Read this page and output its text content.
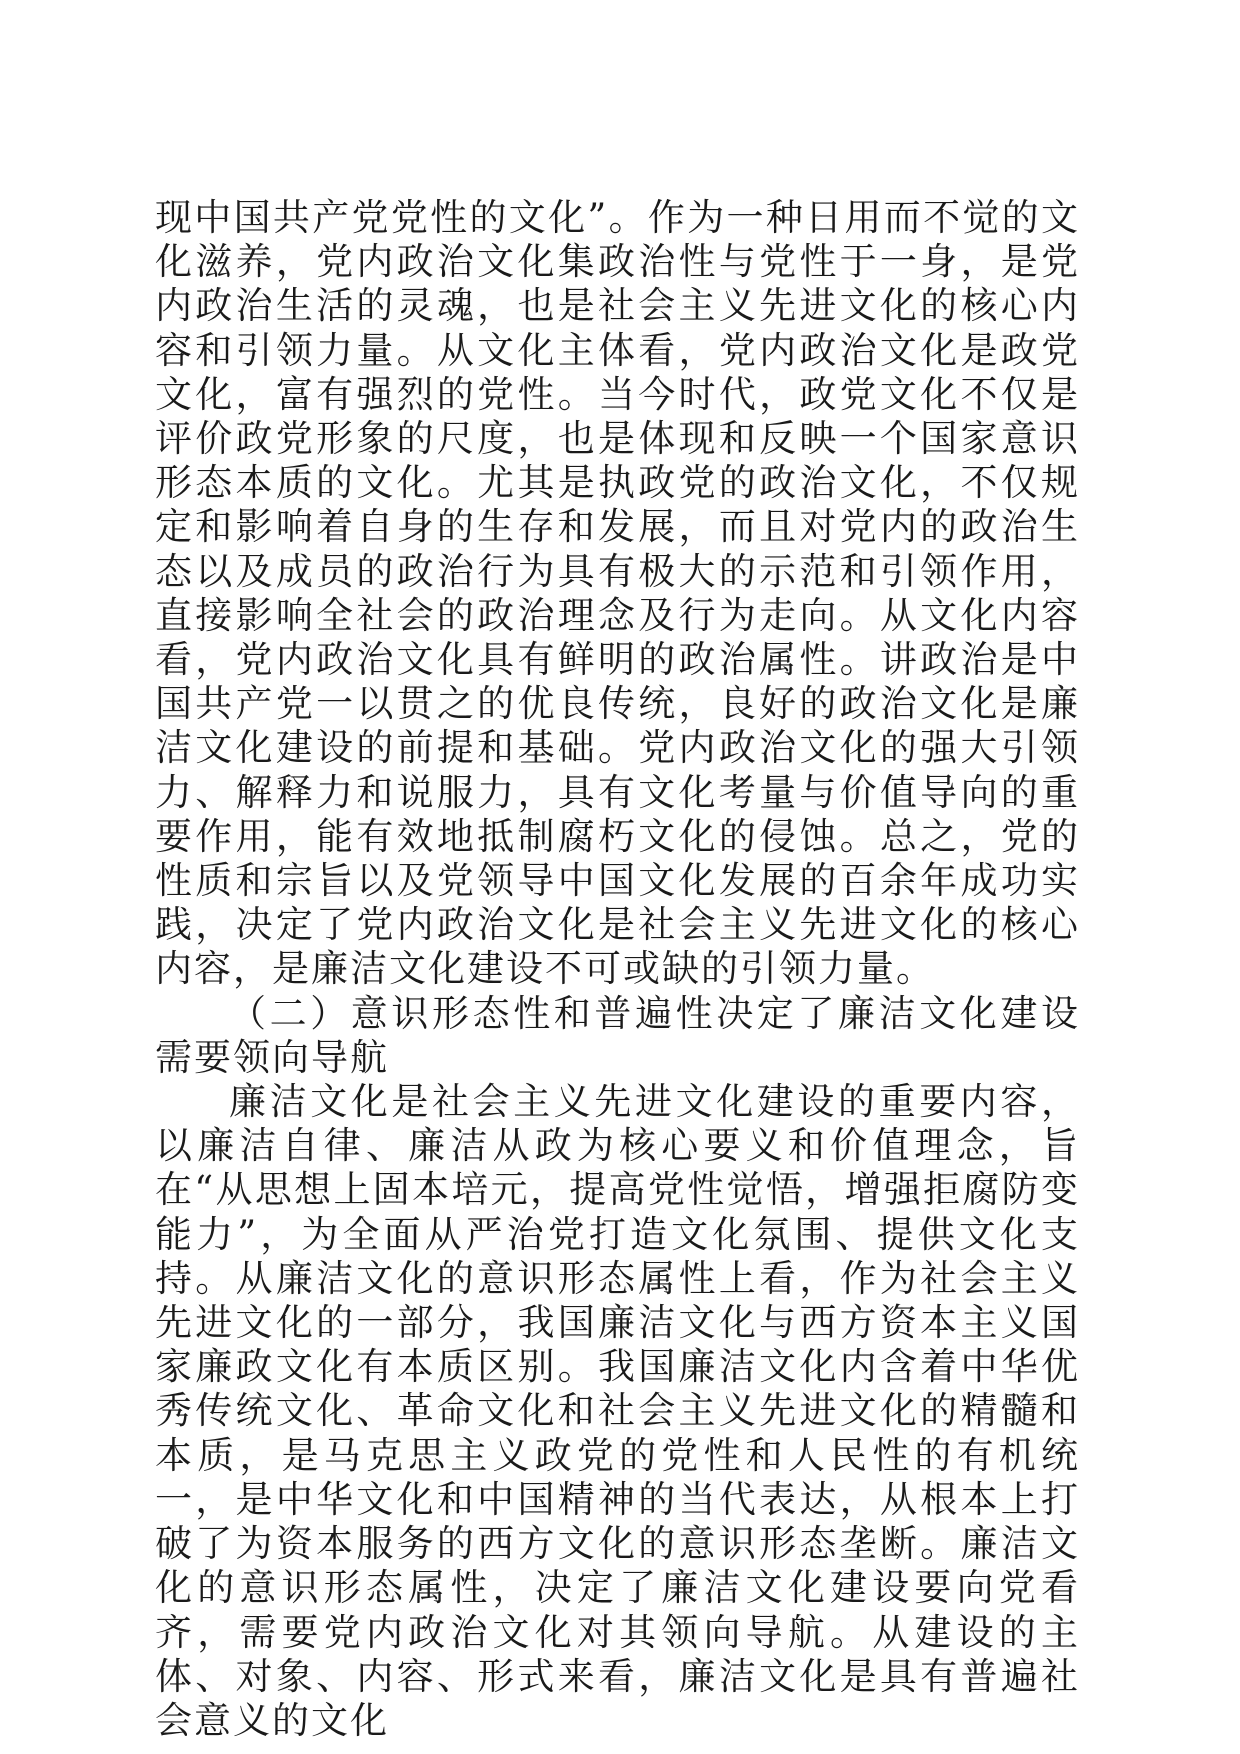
现中国共产党党性的文化”。作为一种日用而不觉的文化滋养，党内政治文化集政治性与党性于一身，是党内政治生活的灵魂，也是社会主义先进文化的核心内容和引领力量。从文化主体看，党内政治文化是政党文化，富有强烈的党性。当今时代，政党文化不仅是评价政党形象的尺度，也是体现和反映一个国家意识形态本质的文化。尤其是执政党的政治文化，不仅规定和影响着自身的生存和发展，而且对党内的政治生态以及成员的政治行为具有极大的示范和引领作用，直接影响全社会的政治理念及行为走向。从文化内容看，党内政治文化具有鲜明的政治属性。讲政治是中国共产党一以贯之的优良传统，良好的政治文化是廉洁文化建设的前提和基础。党内政治文化的强大引领力、解释力和说服力，具有文化考量与价值导向的重要作用，能有效地抵制腐朽文化的侵蚀。总之，党的性质和宗旨以及党领导中国文化发展的百余年成功实践，决定了党内政治文化是社会主义先进文化的核心内容，是廉洁文化建设不可或缺的引领力量。

（二）意识形态性和普遍性决定了廉洁文化建设需要领向导航

廉洁文化是社会主义先进文化建设的重要内容，以廉洁自律、廉洁从政为核心要义和价值理念，旨在“从思想上固本培元，提高党性觉悟，增强拒腐防变能力”，为全面从严治党打造文化氛围、提供文化支持。从廉洁文化的意识形态属性上看，作为社会主义先进文化的一部分，我国廉洁文化与西方资本主义国家廉政文化有本质区别。我国廉洁文化内含着中华优秀传统文化、革命文化和社会主义先进文化的精髓和本质，是马克思主义政党的党性和人民性的有机统一，是中华文化和中国精神的当代表达，从根本上打破了为资本服务的西方文化的意识形态垄断。廉洁文化的意识形态属性，决定了廉洁文化建设要向党看齐，需要党内政治文化对其领向导航。从建设的主体、对象、内容、形式来看，廉洁文化是具有普遍社会意义的文化
